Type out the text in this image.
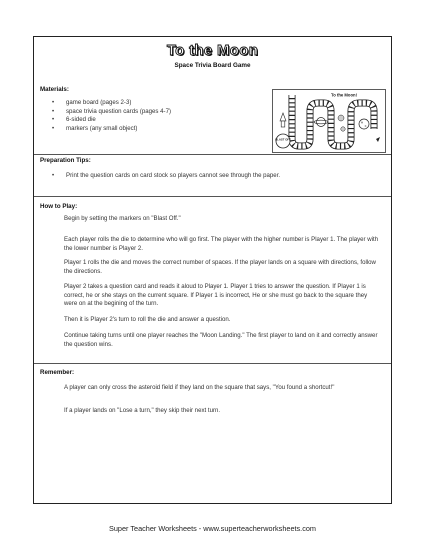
To the Moon
Space Trivia Board Game
Materials:
• game board (pages 2-3)
• space trivia question cards (pages 4-7)
• 6-sided die
• markers (any small object)
To the Moon!
BLAST OFF
Preparation Tips:
• Print the question cards on card stock so players cannot see through the paper.
How to Play:

Begin by setting the markers on "Blast Off."

Each player rolls the die to determine who will go first. The player with the higher number is Player 1. The player with the lower number is Player 2.

Player 1 rolls the die and moves the correct number of spaces. If the player lands on a square with directions, follow the directions.

Player 2 takes a question card and reads it aloud to Player 1. Player 1 tries to answer the question. If Player 1 is correct, he or she stays on the current square. If Player 1 is incorrect, He or she must go back to the square they were on at the begining of the turn.

Then it is Player 2's turn to roll the die and answer a question.

Continue taking turns until one player reaches the "Moon Landing." The first player to land on it and correctly answer the question wins.

Remember:

A player can only cross the asteroid field if they land on the square that says, "You found a shortcut!"

If a player lands on "Lose a turn," they skip their next turn.

Super Teacher Worksheets - www.superteacherworksheets.com
